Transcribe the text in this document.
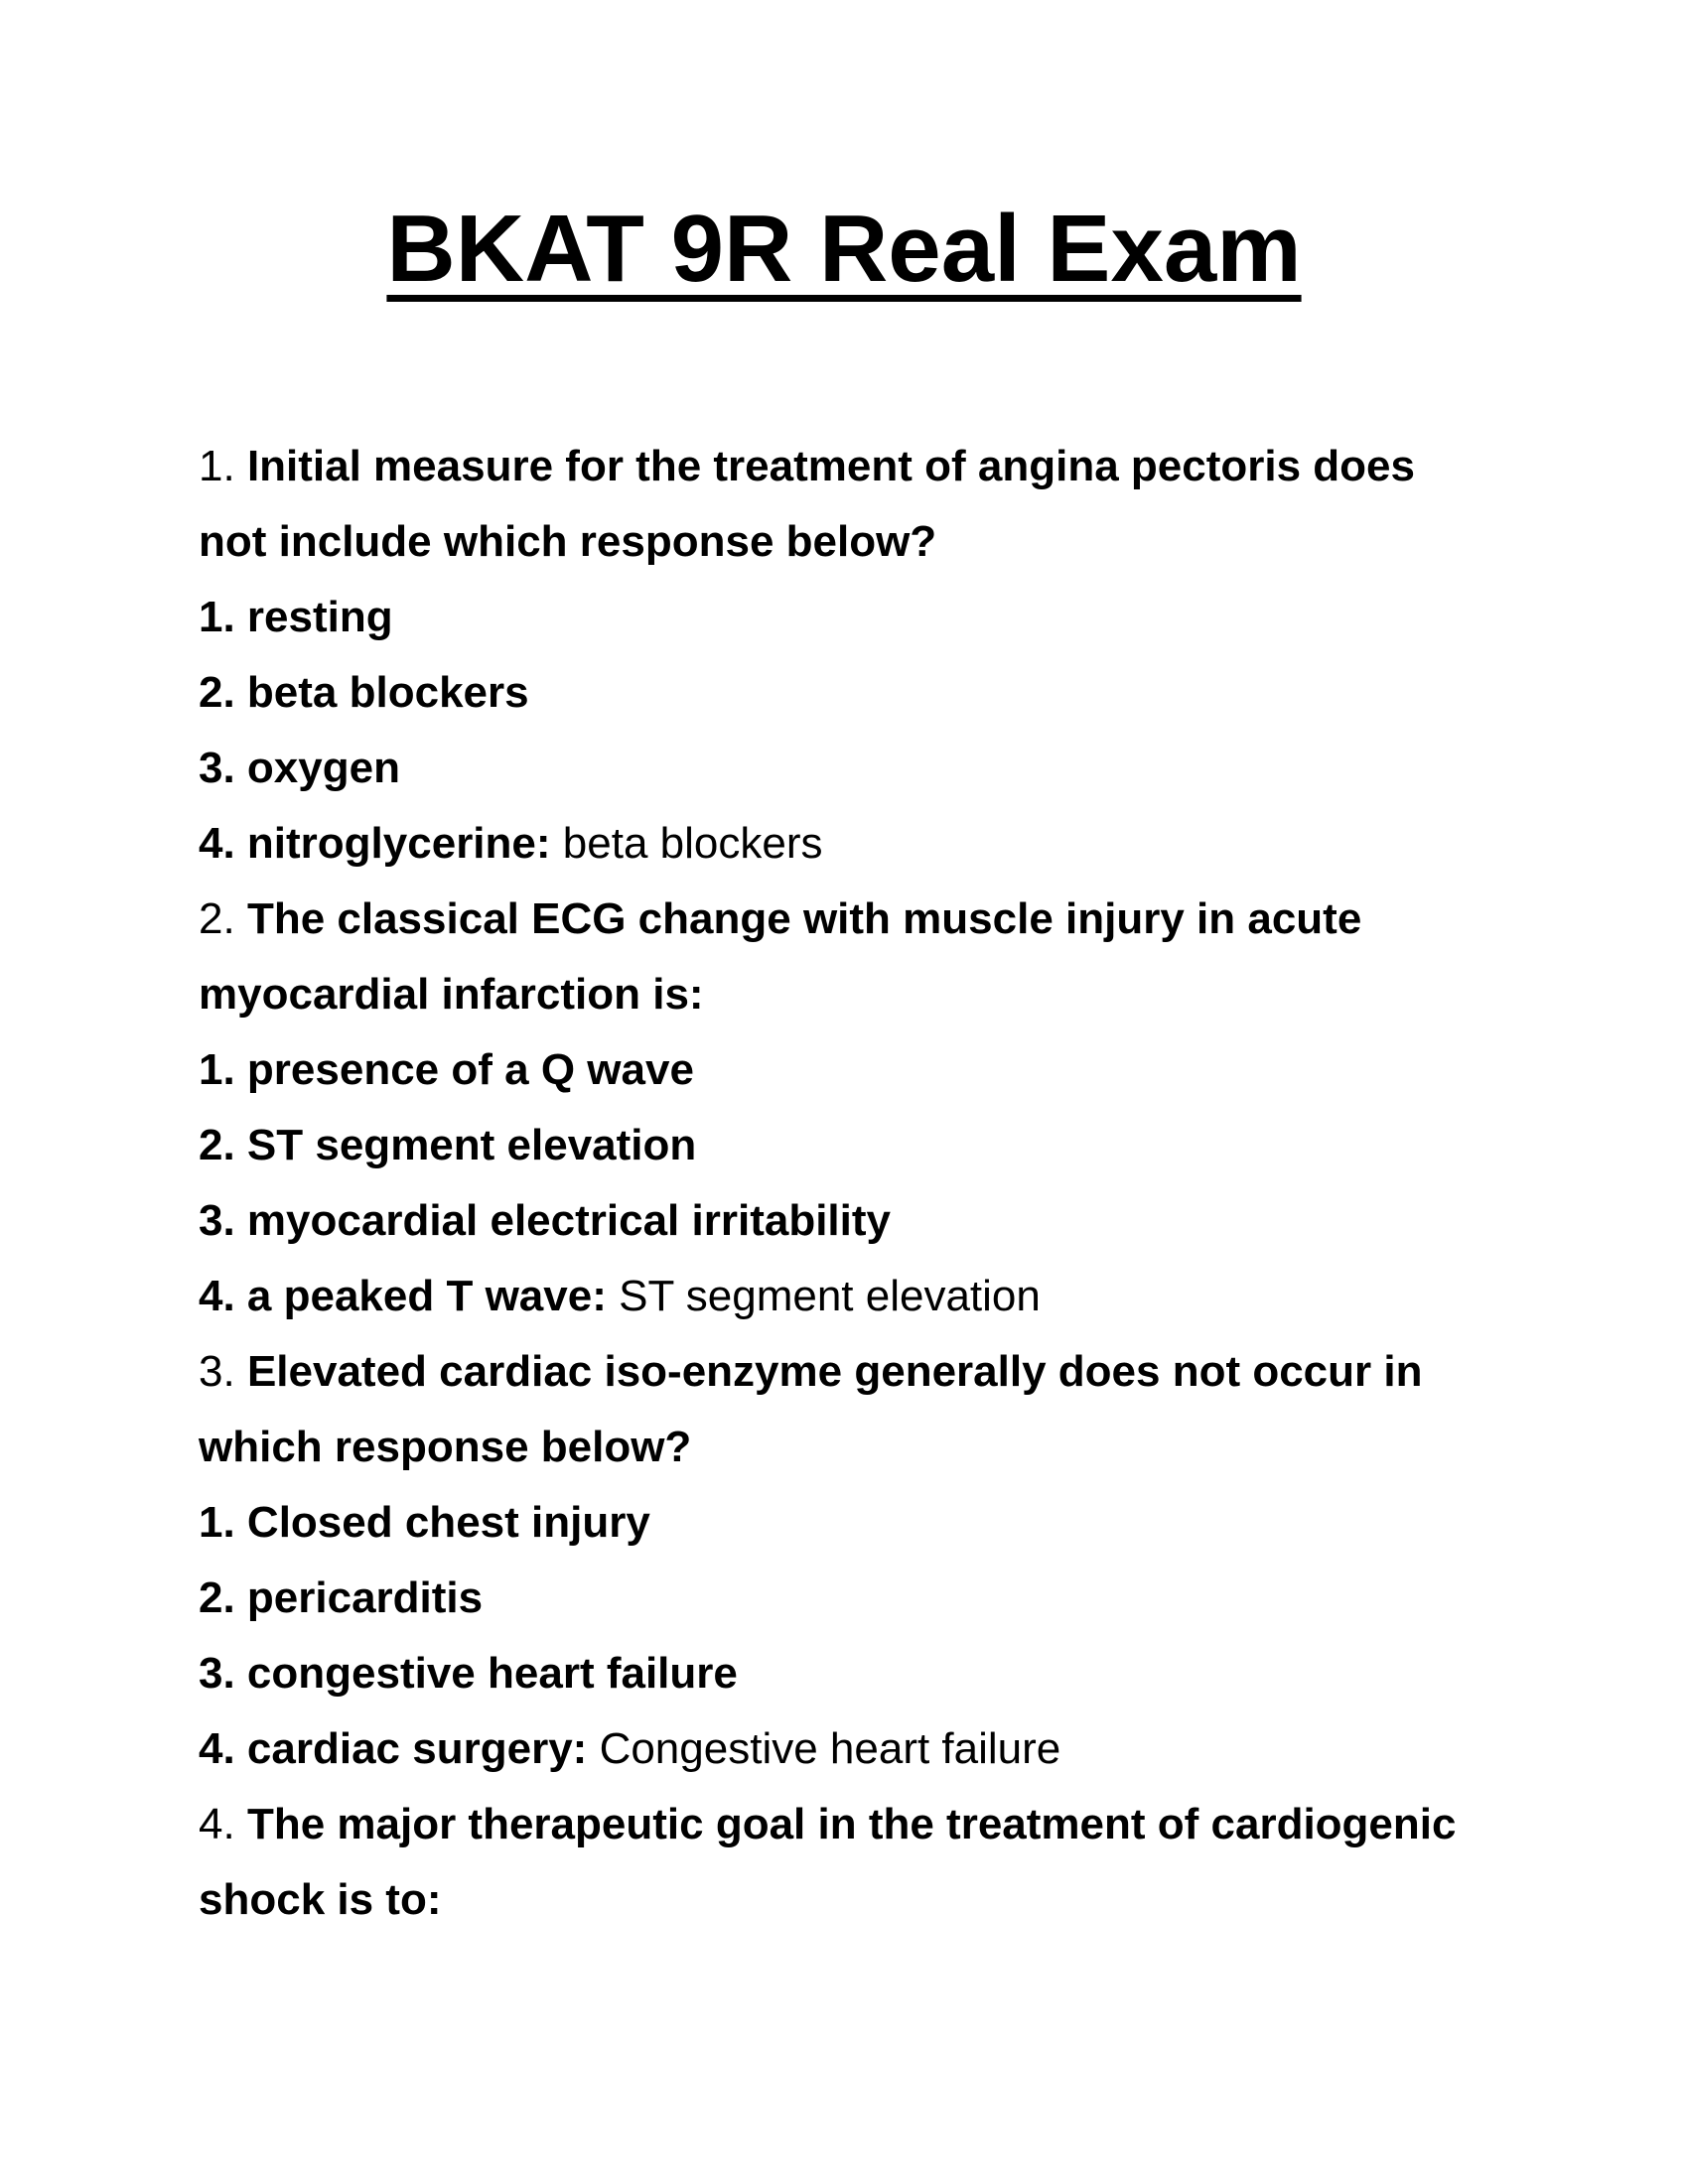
BKAT 9R Real Exam
1. Initial measure for the treatment of angina pectoris does
not include which response below?
1. resting
2. beta blockers
3. oxygen
4. nitroglycerine: beta blockers
2. The classical ECG change with muscle injury in acute
myocardial infarction is:
1. presence of a Q wave
2. ST segment elevation
3. myocardial electrical irritability
4. a peaked T wave: ST segment elevation
3. Elevated cardiac iso-enzyme generally does not occur in
which response below?
1. Closed chest injury
2. pericarditis
3. congestive heart failure
4. cardiac surgery: Congestive heart failure
4. The major therapeutic goal in the treatment of cardiogenic
shock is to:
